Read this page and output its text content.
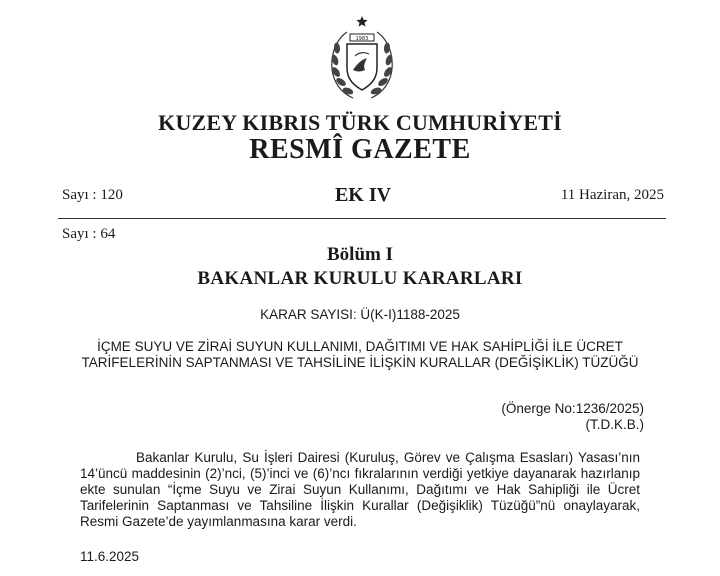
1983
KUZEY KIBRIS TÜRK CUMHURİYETİ
RESMÎ GAZETE
Sayı : 120	EK IV	11 Haziran, 2025
Sayı : 64
Bölüm I
BAKANLAR KURULU KARARLARI
KARAR SAYISI: Ü(K-I)1188-2025
İÇME SUYU VE ZİRAİ SUYUN KULLANIMI, DAĞITIMI VE HAK SAHİPLİĞİ İLE ÜCRET TARİFELERİNİN SAPTANMASI VE TAHSİLİNE İLİŞKİN KURALLAR (DEĞİŞİKLİK) TÜZÜĞÜ
(Önerge No:1236/2025)
(T.D.K.B.)
Bakanlar Kurulu, Su İşleri Dairesi (Kuruluş, Görev ve Çalışma Esasları) Yasası’nın 14’üncü maddesinin (2)’nci, (5)’inci ve (6)’ncı fıkralarının verdiği yetkiye dayanarak hazırlanıp ekte sunulan “İçme Suyu ve Zirai Suyun Kullanımı, Dağıtımı ve Hak Sahipliği ile Ücret Tarifelerinin Saptanması ve Tahsiline İlişkin Kurallar (Değişiklik) Tüzüğü”nü onaylayarak, Resmi Gazete’de yayımlanmasına karar verdi.
11.6.2025
